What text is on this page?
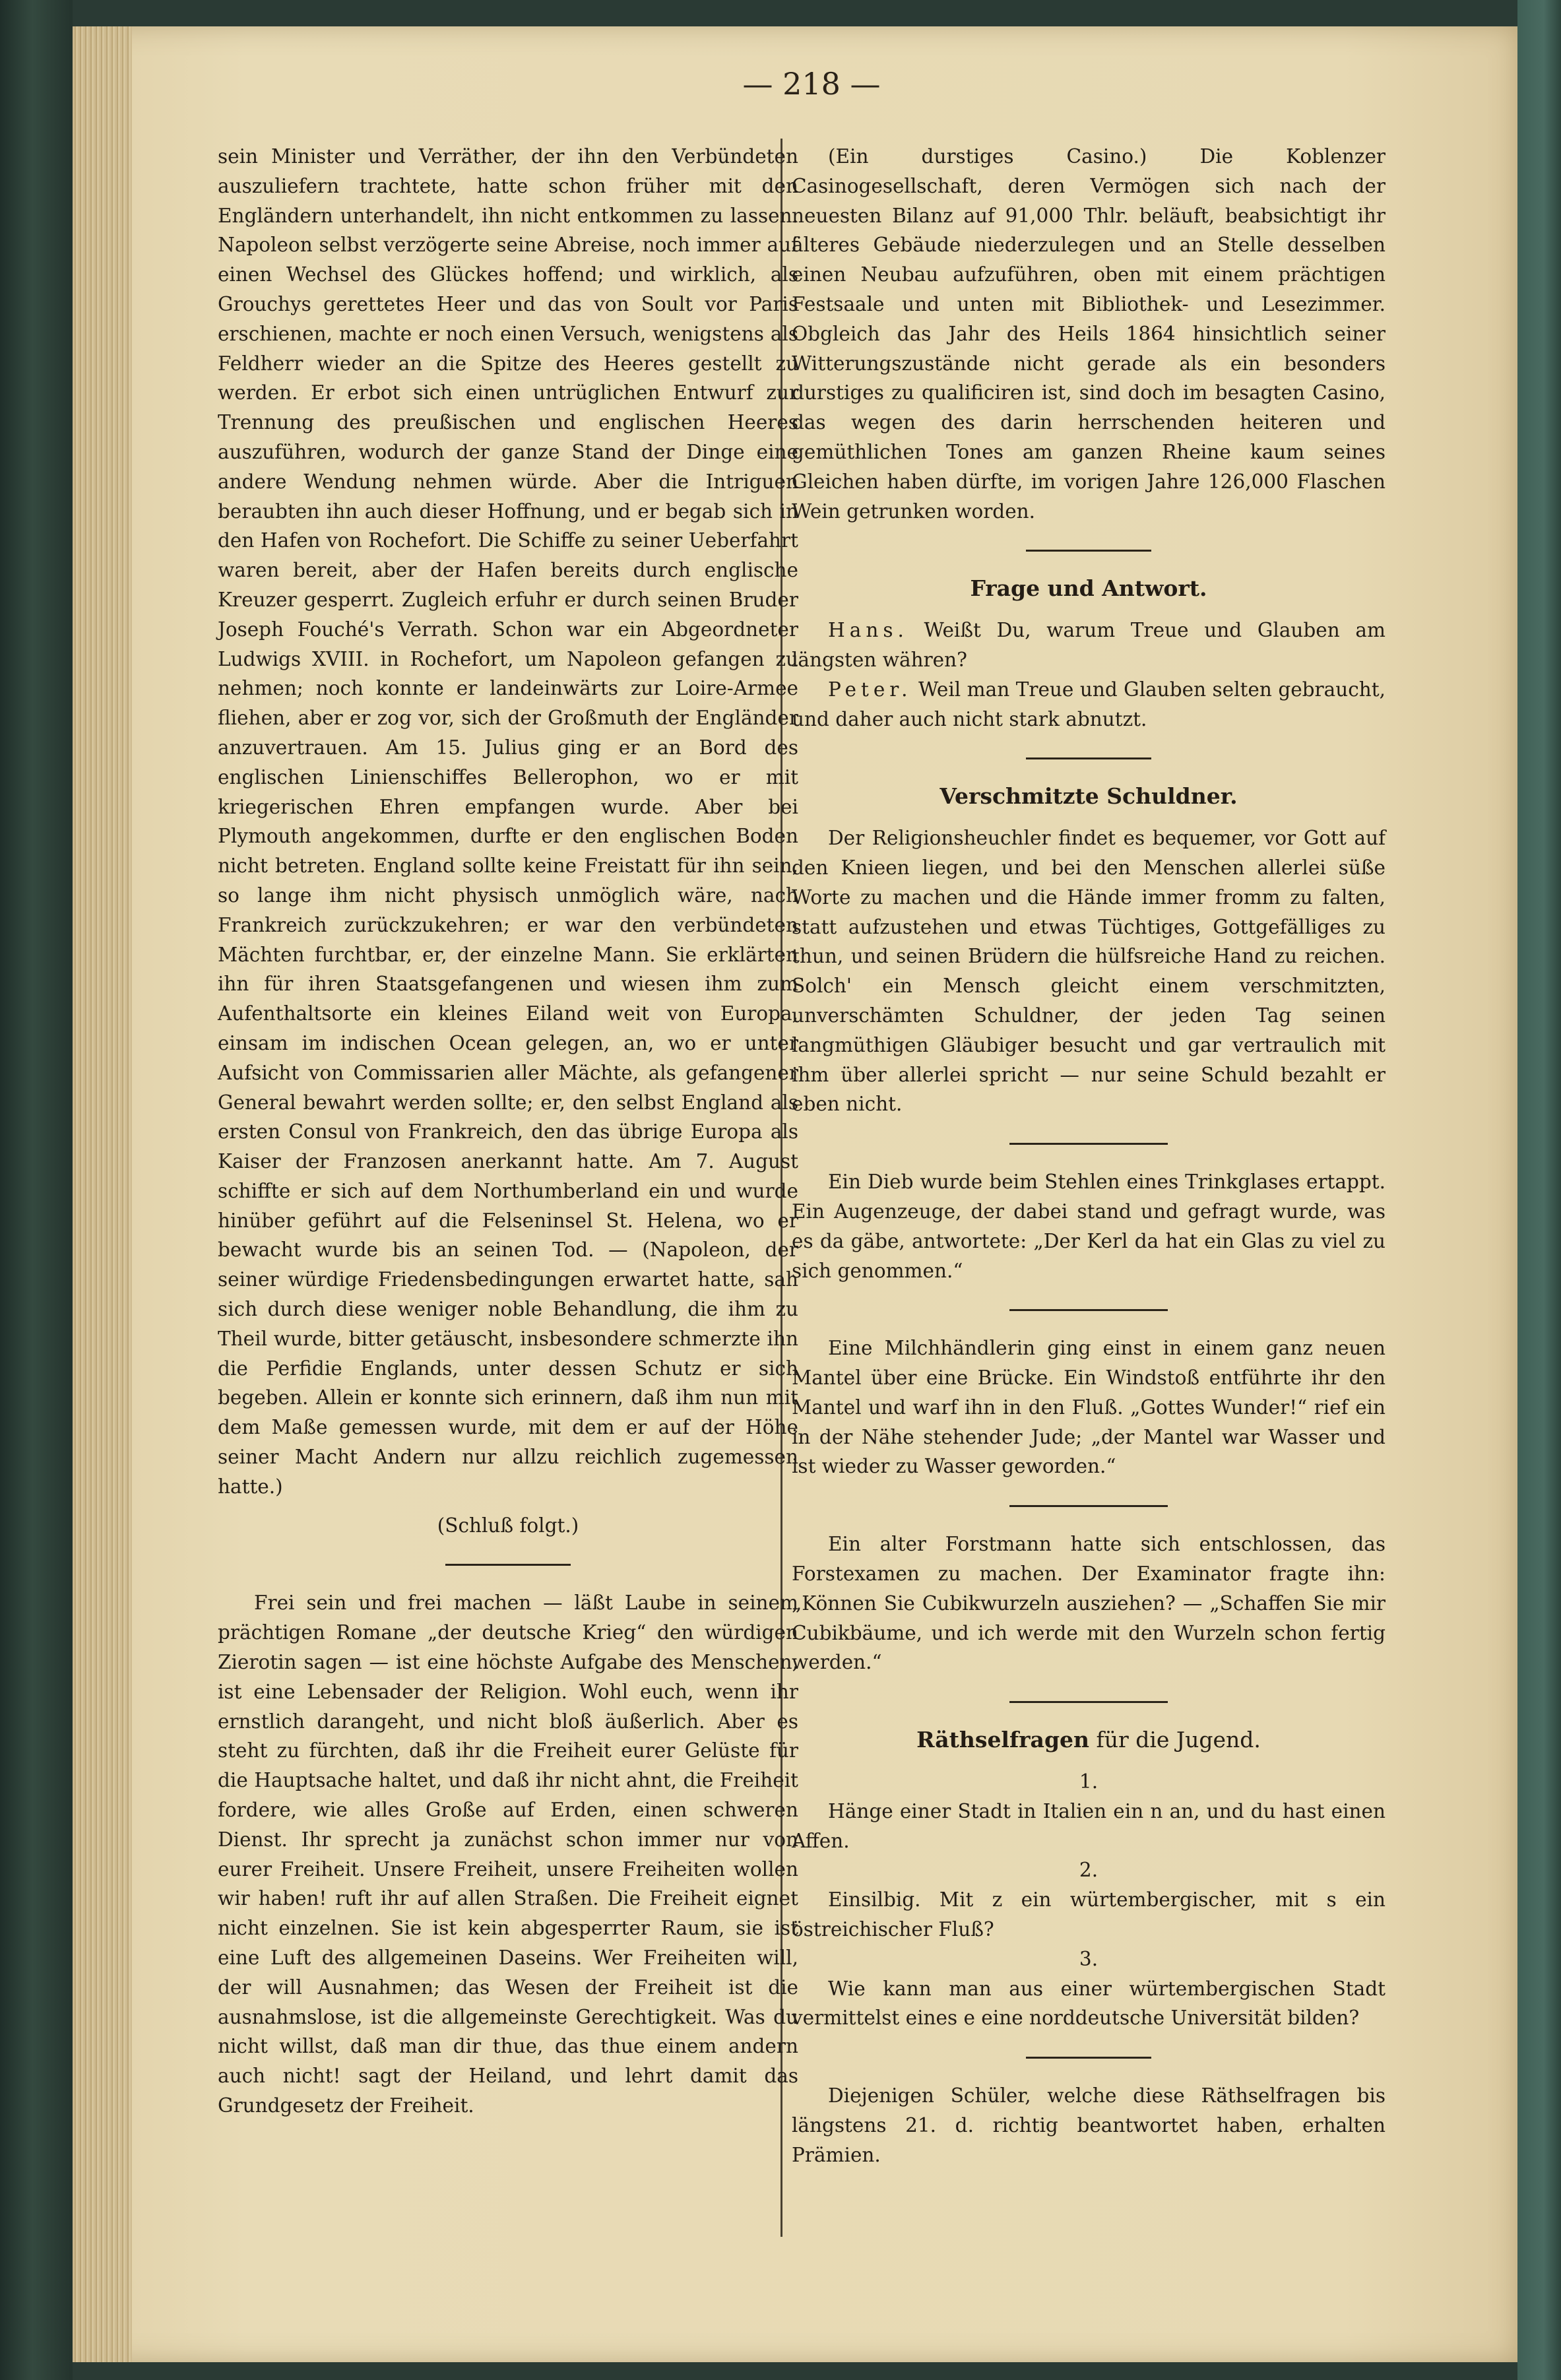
— 218 —

sein Minister und Verräther, der ihn den Verbündeten auszuliefern trachtete, hatte schon früher mit den Engländern unterhandelt, ihn nicht entkommen zu lassen. Napoleon selbst verzögerte seine Abreise, noch immer auf einen Wechsel des Glückes hoffend; und wirklich, als Grouchys gerettetes Heer und das von Soult vor Paris erschienen, machte er noch einen Versuch, wenigstens als Feldherr wieder an die Spitze des Heeres gestellt zu werden. Er erbot sich einen untrüglichen Entwurf zur Trennung des preußischen und englischen Heeres auszuführen, wodurch der ganze Stand der Dinge eine andere Wendung nehmen würde. Aber die Intriguen beraubten ihn auch dieser Hoffnung, und er begab sich in den Hafen von Rochefort. Die Schiffe zu seiner Ueberfahrt waren bereit, aber der Hafen bereits durch englische Kreuzer gesperrt. Zugleich erfuhr er durch seinen Bruder Joseph Fouché's Verrath. Schon war ein Abgeordneter Ludwigs XVIII. in Rochefort, um Napoleon gefangen zu nehmen; noch konnte er landeinwärts zur Loire-Armee fliehen, aber er zog vor, sich der Großmuth der Engländer anzuvertrauen. Am 15. Julius ging er an Bord des englischen Linienschiffes Bellerophon, wo er mit kriegerischen Ehren empfangen wurde. Aber bei Plymouth angekommen, durfte er den englischen Boden nicht betreten. England sollte keine Freistatt für ihn sein, so lange ihm nicht physisch unmöglich wäre, nach Frankreich zurückzukehren; er war den verbündeten Mächten furchtbar, er, der einzelne Mann. Sie erklärten ihn für ihren Staatsgefangenen und wiesen ihm zum Aufenthaltsorte ein kleines Eiland weit von Europa, einsam im indischen Ocean gelegen, an, wo er unter Aufsicht von Commissarien aller Mächte, als gefangener General bewahrt werden sollte; er, den selbst England als ersten Consul von Frankreich, den das übrige Europa als Kaiser der Franzosen anerkannt hatte. Am 7. August schiffte er sich auf dem Northumberland ein und wurde hinüber geführt auf die Felseninsel St. Helena, wo er bewacht wurde bis an seinen Tod. — (Napoleon, der seiner würdige Friedensbedingungen erwartet hatte, sah sich durch diese weniger noble Behandlung, die ihm zu Theil wurde, bitter getäuscht, insbesondere schmerzte ihn die Perfidie Englands, unter dessen Schutz er sich begeben. Allein er konnte sich erinnern, daß ihm nun mit dem Maße gemessen wurde, mit dem er auf der Höhe seiner Macht Andern nur allzu reichlich zugemessen hatte.)

(Schluß folgt.)

Frei sein und frei machen — läßt Laube in seinem prächtigen Romane „der deutsche Krieg“ den würdigen Zierotin sagen — ist eine höchste Aufgabe des Menschen, ist eine Lebensader der Religion. Wohl euch, wenn ihr ernstlich darangeht, und nicht bloß äußerlich. Aber es steht zu fürchten, daß ihr die Freiheit eurer Gelüste für die Hauptsache haltet, und daß ihr nicht ahnt, die Freiheit fordere, wie alles Große auf Erden, einen schweren Dienst. Ihr sprecht ja zunächst schon immer nur von eurer Freiheit. Unsere Freiheit, unsere Freiheiten wollen wir haben! ruft ihr auf allen Straßen. Die Freiheit eignet nicht einzelnen. Sie ist kein abgesperrter Raum, sie ist eine Luft des allgemeinen Daseins. Wer Freiheiten will, der will Ausnahmen; das Wesen der Freiheit ist die ausnahmslose, ist die allgemeinste Gerechtigkeit. Was du nicht willst, daß man dir thue, das thue einem andern auch nicht! sagt der Heiland, und lehrt damit das Grundgesetz der Freiheit.

(Ein durstiges Casino.) Die Koblenzer Casinogesellschaft, deren Vermögen sich nach der neuesten Bilanz auf 91,000 Thlr. beläuft, beabsichtigt ihr älteres Gebäude niederzulegen und an Stelle desselben einen Neubau aufzuführen, oben mit einem prächtigen Festsaale und unten mit Bibliothek- und Lesezimmer. Obgleich das Jahr des Heils 1864 hinsichtlich seiner Witterungszustände nicht gerade als ein besonders durstiges zu qualificiren ist, sind doch im besagten Casino, das wegen des darin herrschenden heiteren und gemüthlichen Tones am ganzen Rheine kaum seines Gleichen haben dürfte, im vorigen Jahre 126,000 Flaschen Wein getrunken worden.

Frage und Antwort.

Hans. Weißt Du, warum Treue und Glauben am längsten währen?

Peter. Weil man Treue und Glauben selten gebraucht, und daher auch nicht stark abnutzt.

Verschmitzte Schuldner.

Der Religionsheuchler findet es bequemer, vor Gott auf den Knieen liegen, und bei den Menschen allerlei süße Worte zu machen und die Hände immer fromm zu falten, statt aufzustehen und etwas Tüchtiges, Gottgefälliges zu thun, und seinen Brüdern die hülfsreiche Hand zu reichen. Solch' ein Mensch gleicht einem verschmitzten, unverschämten Schuldner, der jeden Tag seinen langmüthigen Gläubiger besucht und gar vertraulich mit ihm über allerlei spricht — nur seine Schuld bezahlt er eben nicht.

Ein Dieb wurde beim Stehlen eines Trinkglases ertappt. Ein Augenzeuge, der dabei stand und gefragt wurde, was es da gäbe, antwortete: „Der Kerl da hat ein Glas zu viel zu sich genommen.“

Eine Milchhändlerin ging einst in einem ganz neuen Mantel über eine Brücke. Ein Windstoß entführte ihr den Mantel und warf ihn in den Fluß. „Gottes Wunder!“ rief ein in der Nähe stehender Jude; „der Mantel war Wasser und ist wieder zu Wasser geworden.“

Ein alter Forstmann hatte sich entschlossen, das Forstexamen zu machen. Der Examinator fragte ihn: „Können Sie Cubikwurzeln ausziehen? — „Schaffen Sie mir Cubikbäume, und ich werde mit den Wurzeln schon fertig werden.“

Räthselfragen für die Jugend.

1.

Hänge einer Stadt in Italien ein n an, und du hast einen Affen.

2.

Einsilbig. Mit z ein würtembergischer, mit s ein östreichischer Fluß?

3.

Wie kann man aus einer würtembergischen Stadt vermittelst eines e eine norddeutsche Universität bilden?

Diejenigen Schüler, welche diese Räthselfragen bis längstens 21. d. richtig beantwortet haben, erhalten Prämien.
